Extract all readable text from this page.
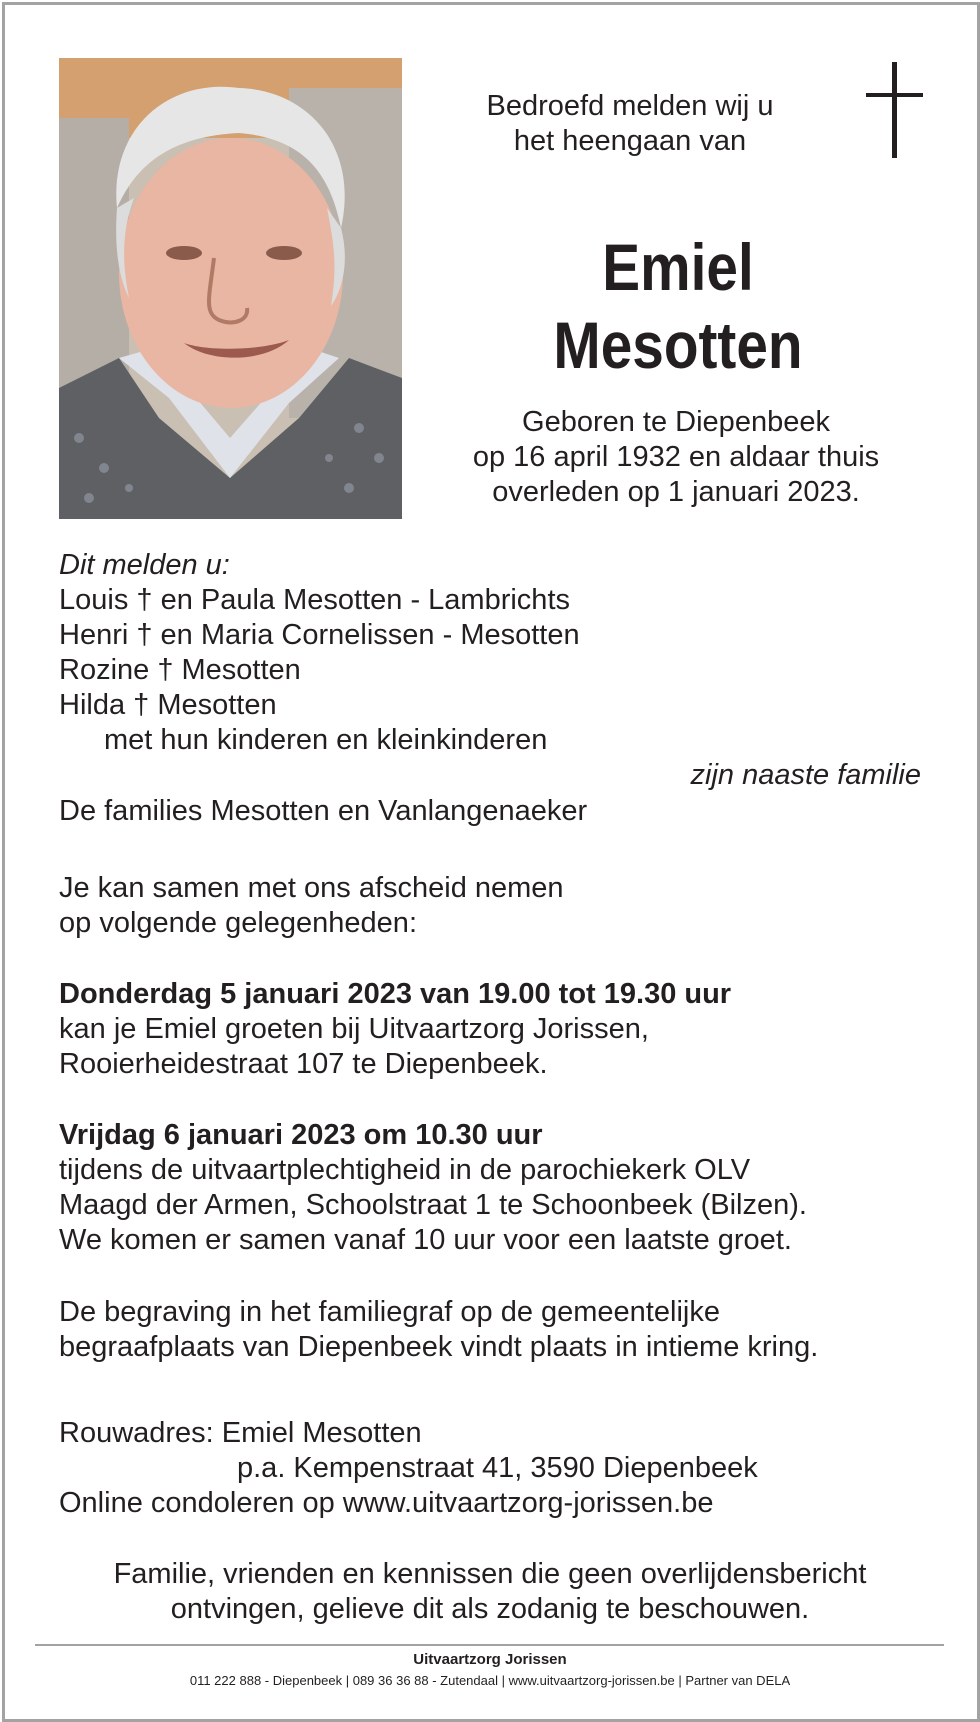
Bedroefd melden wij u

het heengaan van

Emiel

Mesotten

Geboren te Diepenbeek

op 16 april 1932 en aldaar thuis

overleden op 1 januari 2023.

Dit melden u:

Louis † en Paula Mesotten - Lambrichts

Henri † en Maria Cornelissen - Mesotten

Rozine † Mesotten

Hilda † Mesotten

met hun kinderen en kleinkinderen

zijn naaste familie

De families Mesotten en Vanlangenaeker

Je kan samen met ons afscheid nemen

op volgende gelegenheden:

Donderdag 5 januari 2023 van 19.00 tot 19.30 uur

kan je Emiel groeten bij Uitvaartzorg Jorissen,

Rooierheidestraat 107 te Diepenbeek.

Vrijdag 6 januari 2023 om 10.30 uur

tijdens de uitvaartplechtigheid in de parochiekerk OLV

Maagd der Armen, Schoolstraat 1 te Schoonbeek (Bilzen).

We komen er samen vanaf 10 uur voor een laatste groet.

De begraving in het familiegraf op de gemeentelijke

begraafplaats van Diepenbeek vindt plaats in intieme kring.

Rouwadres: Emiel Mesotten

p.a. Kempenstraat 41, 3590 Diepenbeek

Online condoleren op www.uitvaartzorg-jorissen.be

Familie, vrienden en kennissen die geen overlijdensbericht

ontvingen, gelieve dit als zodanig te beschouwen.

Uitvaartzorg Jorissen
011 222 888 - Diepenbeek | 089 36 36 88 - Zutendaal | www.uitvaartzorg-jorissen.be | Partner van DELA
